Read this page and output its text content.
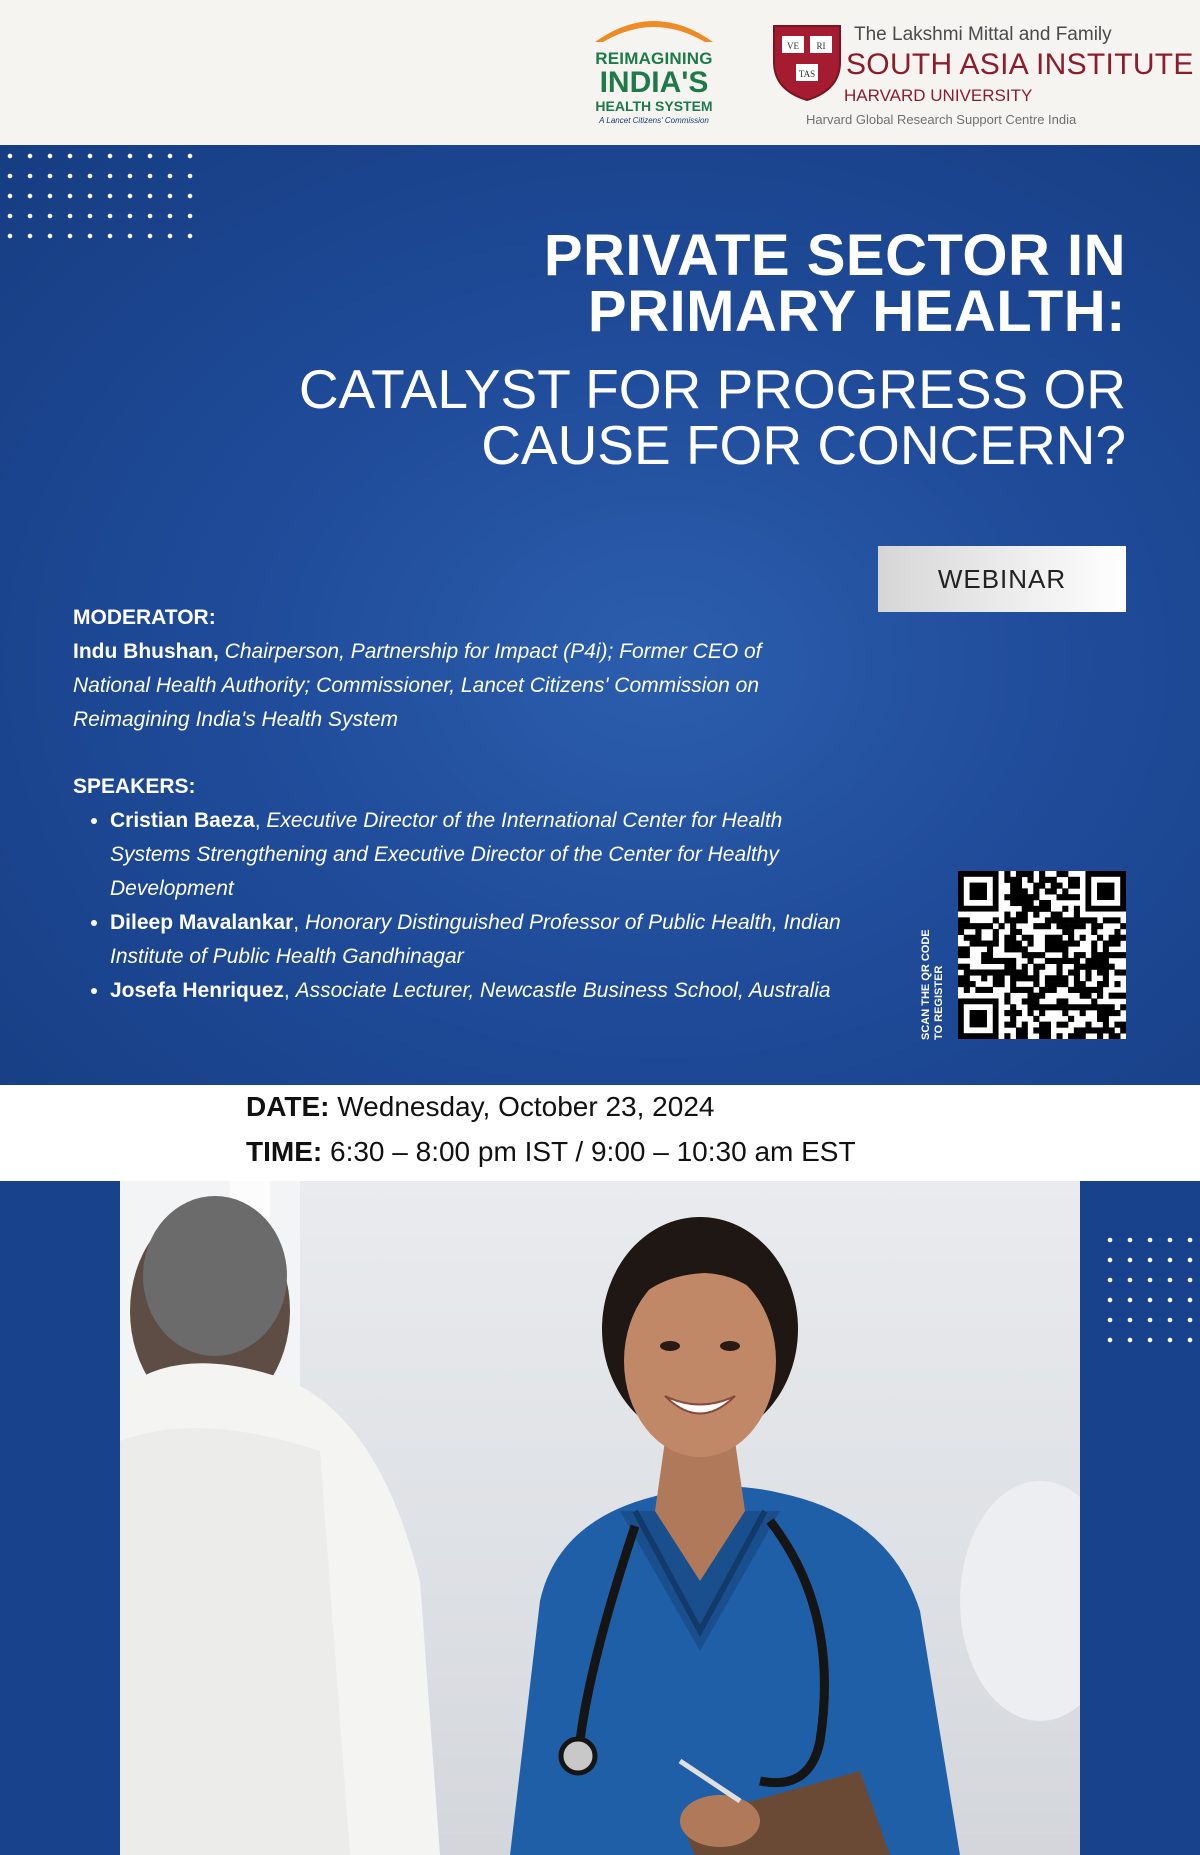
REIMAGINING
INDIA'S
HEALTH SYSTEM
A Lancet Citizens' Commission
VE RI
TAS
The Lakshmi Mittal and Family
SOUTH ASIA INSTITUTE
HARVARD UNIVERSITY
Harvard Global Research Support Centre India
PRIVATE SECTOR IN
PRIMARY HEALTH:
CATALYST FOR PROGRESS OR
CAUSE FOR CONCERN?
WEBINAR
MODERATOR:
Indu Bhushan, Chairperson, Partnership for Impact (P4i); Former CEO of National Health Authority; Commissioner, Lancet Citizens' Commission on Reimagining India's Health System
SPEAKERS:
• Cristian Baeza, Executive Director of the International Center for Health Systems Strengthening and Executive Director of the Center for Healthy Development
• Dileep Mavalankar, Honorary Distinguished Professor of Public Health, Indian Institute of Public Health Gandhinagar
• Josefa Henriquez, Associate Lecturer, Newcastle Business School, Australia	SCAN THE QR CODE TO REGISTER
DATE: Wednesday, October 23, 2024
TIME: 6:30 – 8:00 pm IST / 9:00 – 10:30 am EST
